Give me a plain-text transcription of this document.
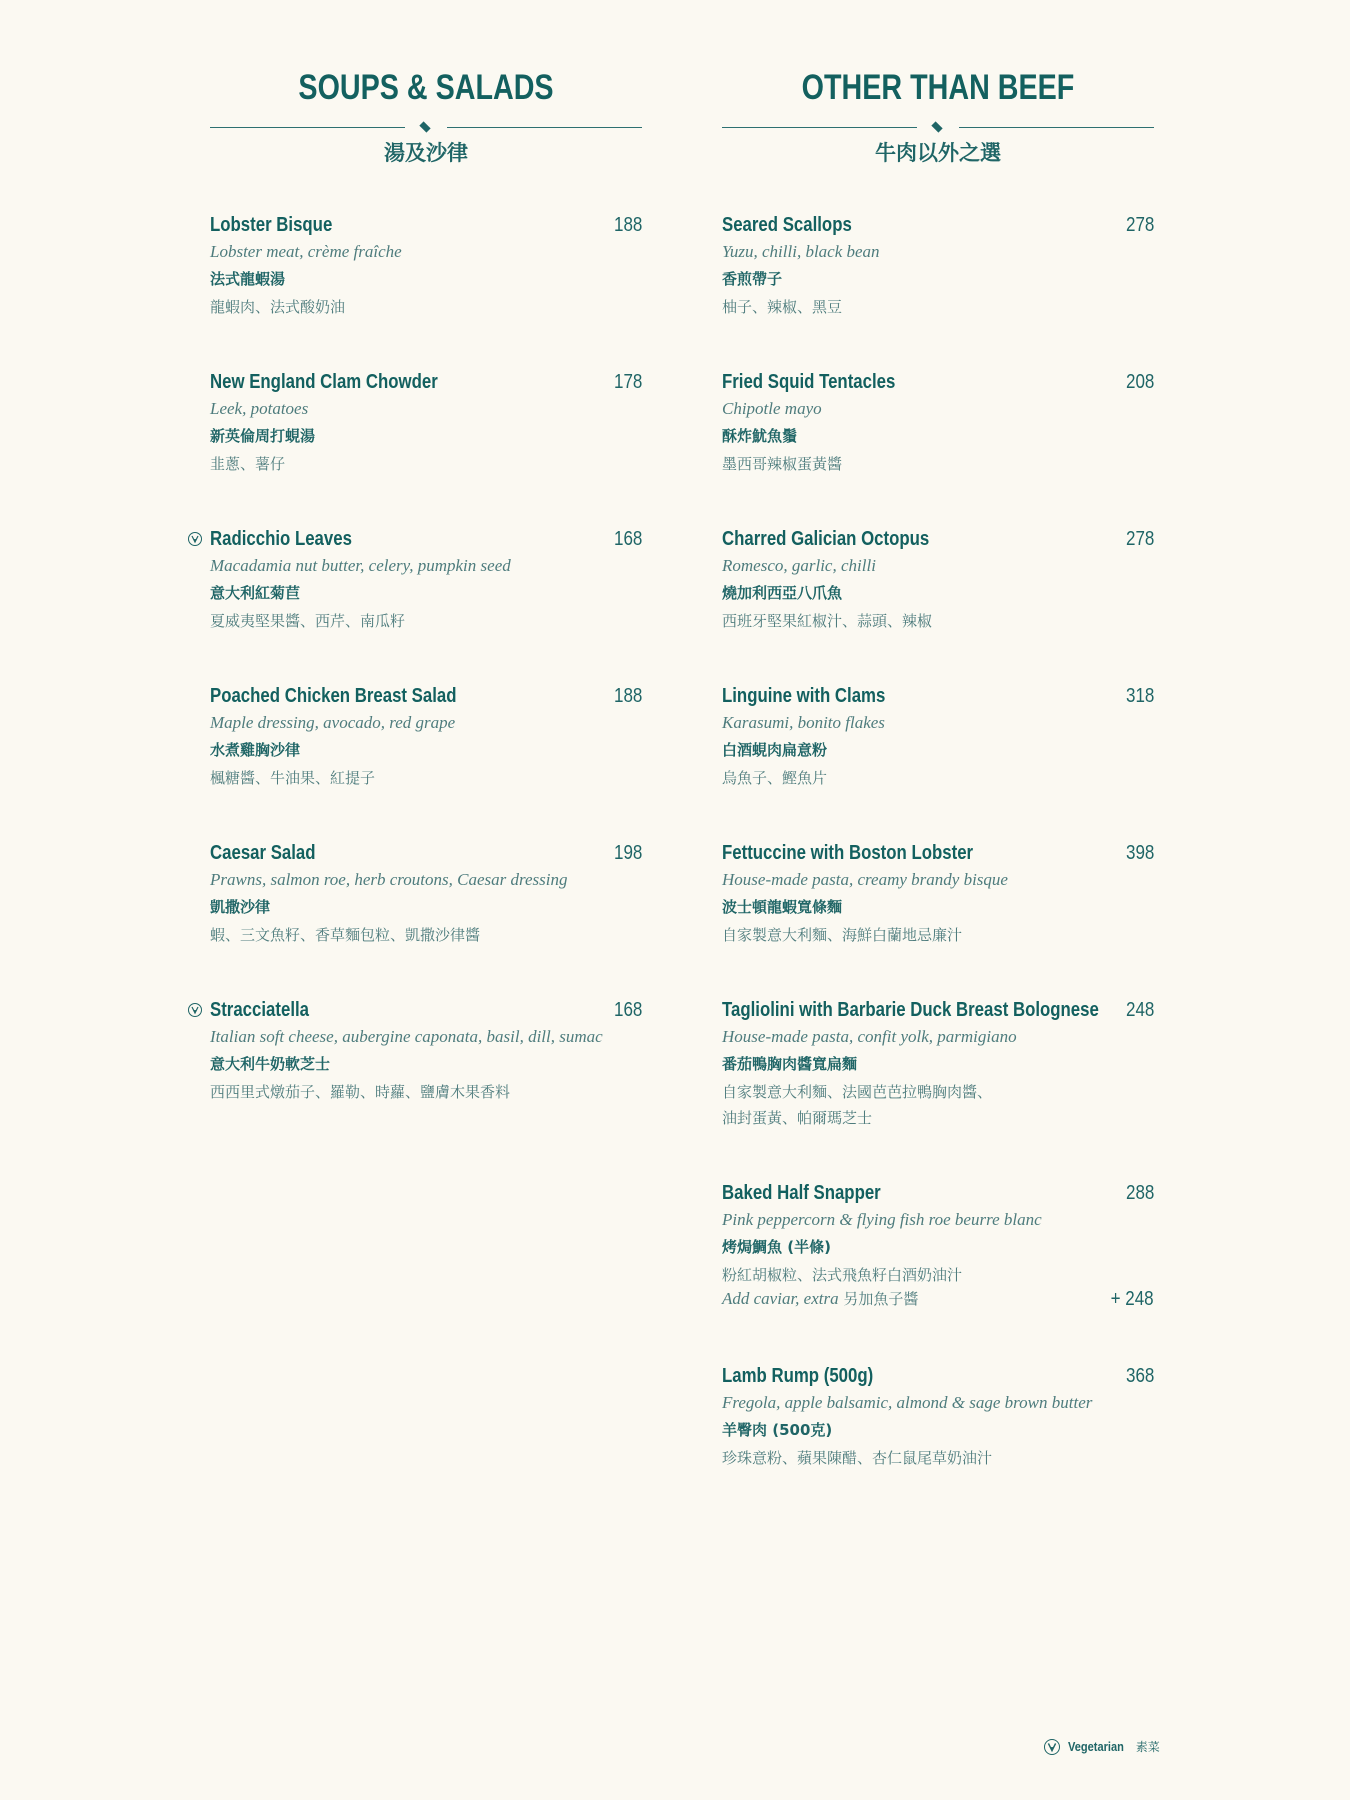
SOUPS & SALADS
湯及沙律
Lobster Bisque	188
Lobster meat, crème fraîche
法式龍蝦湯
龍蝦肉、法式酸奶油
New England Clam Chowder	178
Leek, potatoes
新英倫周打蜆湯
韭蔥、薯仔
Radicchio Leaves	168
Macadamia nut butter, celery, pumpkin seed
意大利紅菊苣
夏威夷堅果醬、西芹、南瓜籽
Poached Chicken Breast Salad	188
Maple dressing, avocado, red grape
水煮雞胸沙律
楓糖醬、牛油果、紅提子
Caesar Salad	198
Prawns, salmon roe, herb croutons, Caesar dressing
凱撒沙律
蝦、三文魚籽、香草麵包粒、凱撒沙律醬
Stracciatella	168
Italian soft cheese, aubergine caponata, basil, dill, sumac
意大利牛奶軟芝士
西西里式燉茄子、羅勒、時蘿、鹽膚木果香料
OTHER THAN BEEF
牛肉以外之選
Seared Scallops	278
Yuzu, chilli, black bean
香煎帶子
柚子、辣椒、黑豆
Fried Squid Tentacles	208
Chipotle mayo
酥炸魷魚鬚
墨西哥辣椒蛋黃醬
Charred Galician Octopus	278
Romesco, garlic, chilli
燒加利西亞八爪魚
西班牙堅果紅椒汁、蒜頭、辣椒
Linguine with Clams	318
Karasumi, bonito flakes
白酒蜆肉扁意粉
烏魚子、鰹魚片
Fettuccine with Boston Lobster	398
House-made pasta, creamy brandy bisque
波士頓龍蝦寬條麵
自家製意大利麵、海鮮白蘭地忌廉汁
Tagliolini with Barbarie Duck Breast Bolognese 248
House-made pasta, confit yolk, parmigiano
番茄鴨胸肉醬寬扁麵
自家製意大利麵、法國芭芭拉鴨胸肉醬、
油封蛋黃、帕爾瑪芝士
Baked Half Snapper	288
Pink peppercorn & flying fish roe beurre blanc
烤焗鯛魚 (半條)
粉紅胡椒粒、法式飛魚籽白酒奶油汁
Add caviar, extra 另加魚子醬	+ 248
Lamb Rump (500g)	368
Fregola, apple balsamic, almond & sage brown butter
羊臀肉 (500克)
珍珠意粉、蘋果陳醋、杏仁鼠尾草奶油汁
Vegetarian 素菜
